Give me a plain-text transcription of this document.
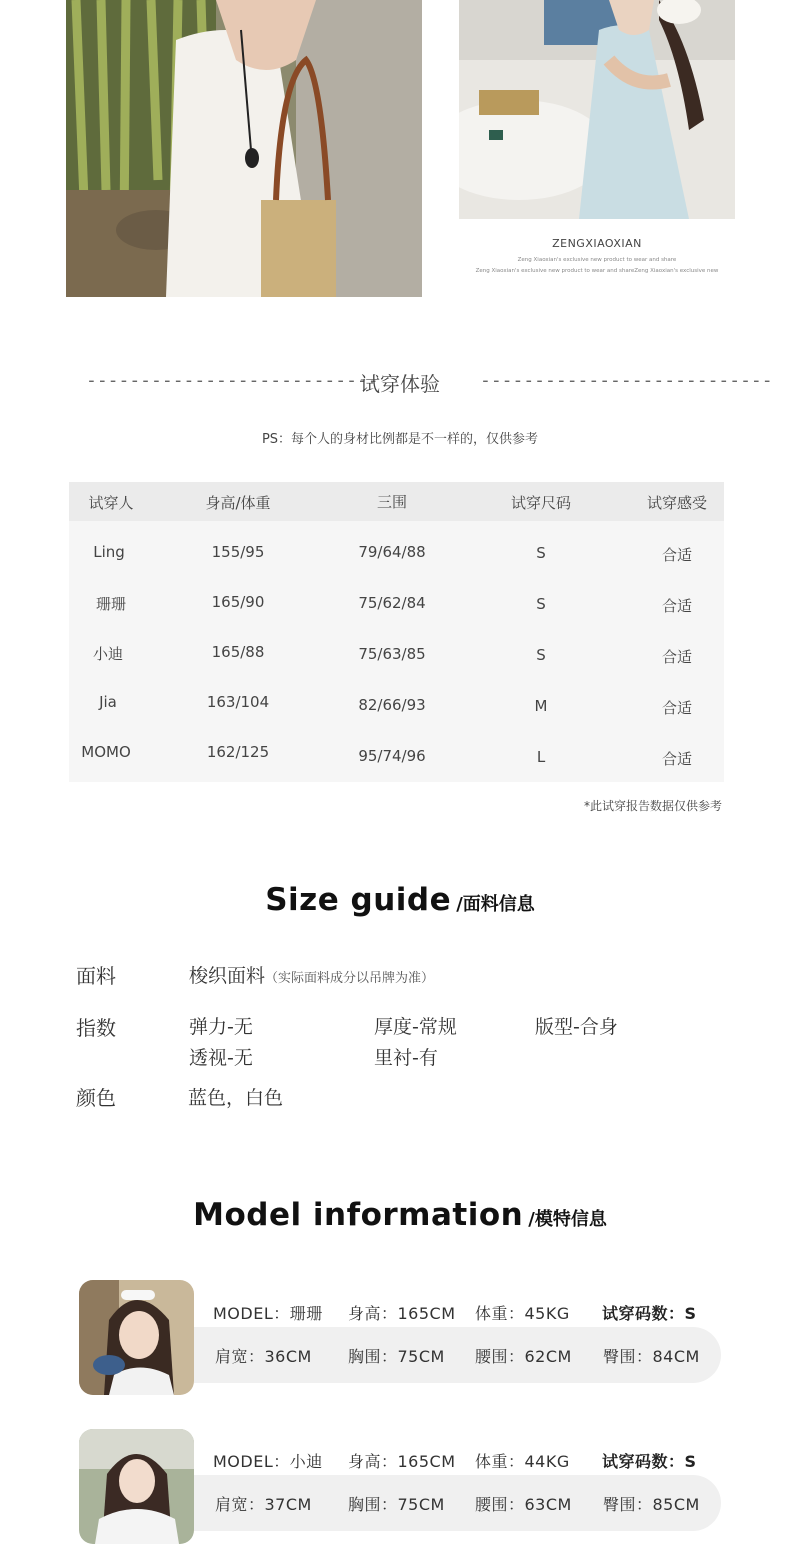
ZENGXIAOXIAN
Zeng Xiaoxian's exclusive new product to wear and share
Zeng Xiaoxian's exclusive new product to wear and shareZeng Xiaoxian's exclusive new
---------------------------	---------------------------
试穿体验
PS：每个人的身材比例都是不一样的，仅供参考
试穿人	身高/体重	三围	试穿尺码	试穿感受
Ling	155/95	79/64/88	S	合适
珊珊	165/90	75/62/84	S	合适
小迪	165/88	75/63/85	S	合适
Jia	163/104	82/66/93	M	合适
MOMO	162/125	95/74/96	L	合适
*此试穿报告数据仅供参考
Size guide /面料信息
面料	梭织面料（实际面料成分以吊牌为准）
指数	弹力-无	厚度-常规	版型-合身
透视-无	里衬-有
颜色	蓝色，白色
Model information /模特信息
MODEL：珊珊 身高：165CM 体重：45KG 试穿码数：S
肩宽：36CM 胸围：75CM 腰围：62CM 臀围：84CM
MODEL：小迪 身高：165CM 体重：44KG 试穿码数：S
肩宽：37CM 胸围：75CM 腰围：63CM 臀围：85CM
